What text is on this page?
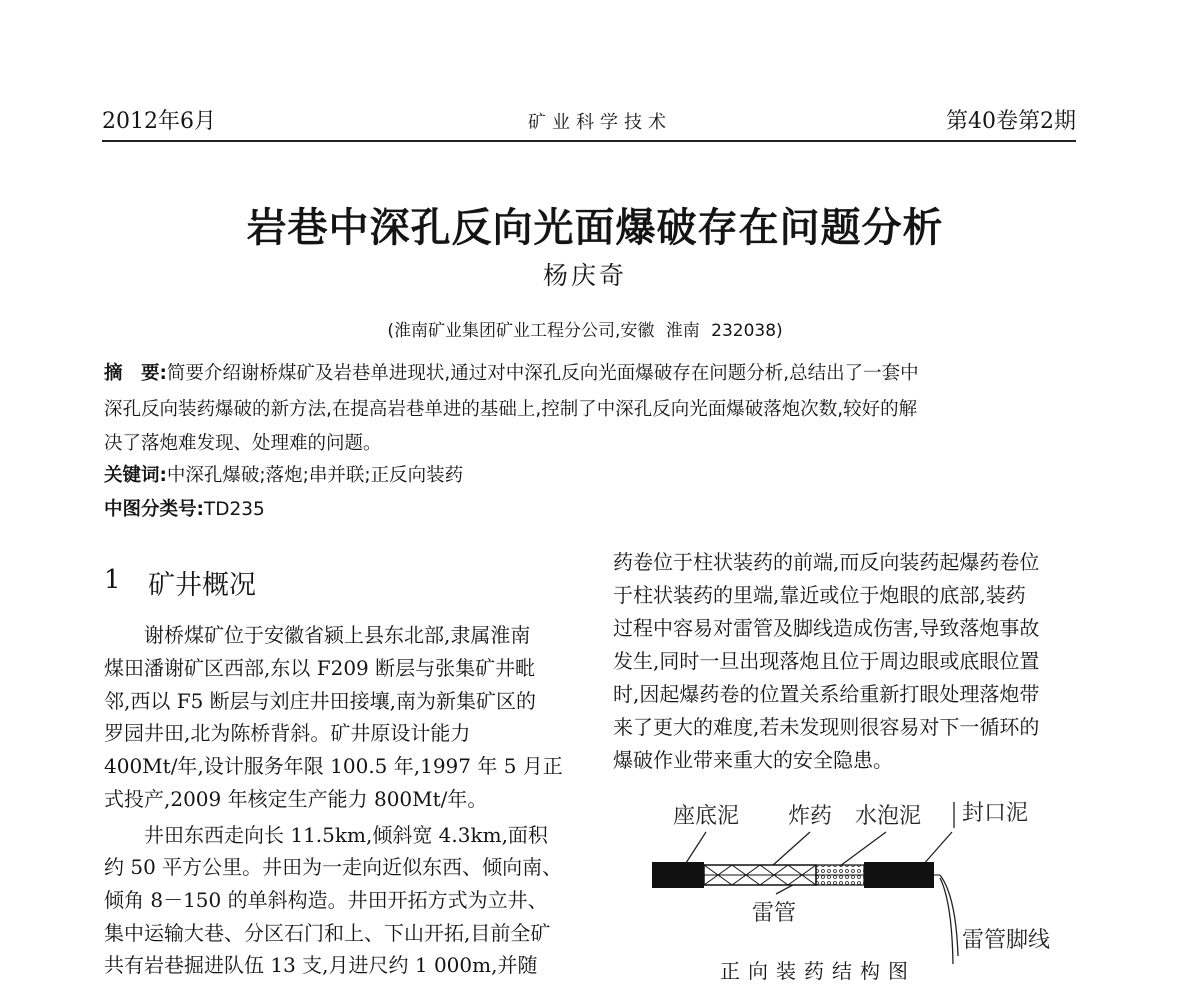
2012年6月	矿业科学技术	第40卷第2期
岩巷中深孔反向光面爆破存在问题分析
杨庆奇
(淮南矿业集团矿业工程分公司,安徽 淮南 232038)
摘　要:简要介绍谢桥煤矿及岩巷单进现状,通过对中深孔反向光面爆破存在问题分析,总结出了一套中
深孔反向装药爆破的新方法,在提高岩巷单进的基础上,控制了中深孔反向光面爆破落炮次数,较好的解
决了落炮难发现、处理难的问题。
关键词:中深孔爆破;落炮;串并联;正反向装药
中图分类号:TD235
1 矿井概况
　　谢桥煤矿位于安徽省颍上县东北部,隶属淮南
煤田潘谢矿区西部,东以 F209 断层与张集矿井毗
邻,西以 F5 断层与刘庄井田接壤,南为新集矿区的
罗园井田,北为陈桥背斜。矿井原设计能力
400Mt/年,设计服务年限 100.5 年,1997 年 5 月正
式投产,2009 年核定生产能力 800Mt/年。
　　井田东西走向长 11.5km,倾斜宽 4.3km,面积
约 50 平方公里。井田为一走向近似东西、倾向南、
倾角 8－150 的单斜构造。井田开拓方式为立井、
集中运输大巷、分区石门和上、下山开拓,目前全矿
共有岩巷掘进队伍 13 支,月进尺约 1 000m,并随
药卷位于柱状装药的前端,而反向装药起爆药卷位
于柱状装药的里端,靠近或位于炮眼的底部,装药
过程中容易对雷管及脚线造成伤害,导致落炮事故
发生,同时一旦出现落炮且位于周边眼或底眼位置
时,因起爆药卷的位置关系给重新打眼处理落炮带
来了更大的难度,若未发现则很容易对下一循环的
爆破作业带来重大的安全隐患。
座底泥 炸药 水泡泥 封口泥
雷管
雷管脚线
正向装药结构图
